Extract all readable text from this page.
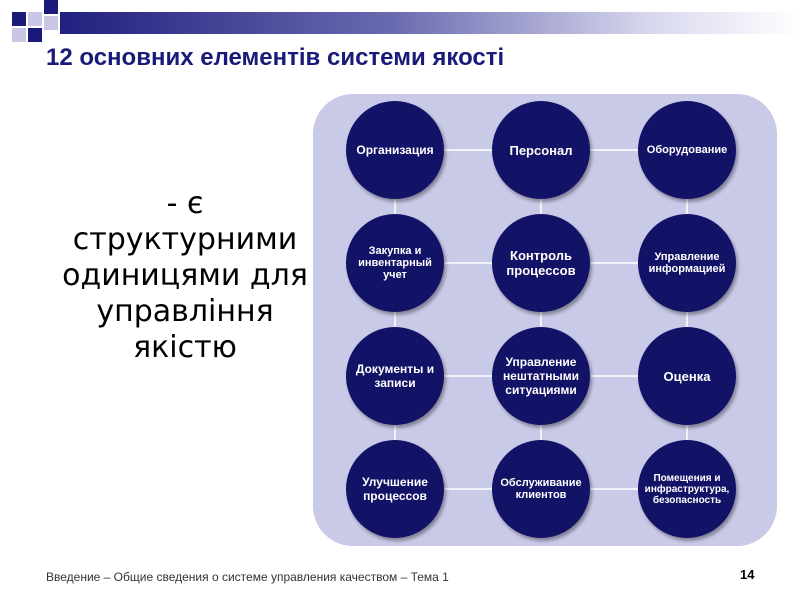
12 основних елементів системи якості
- є структурними одиницями для управління якістю
Организация	Персонал	Оборудование
Закупка и инвентарный учет
Контроль процессов
Управление информацией
Документы и записи
Управление нештатными ситуациями
Оценка
Улучшение процессов
Обслуживание клиентов
Помещения и инфраструктура, безопасность
Введение – Общие сведения о системе управления качеством – Тема 1	14
